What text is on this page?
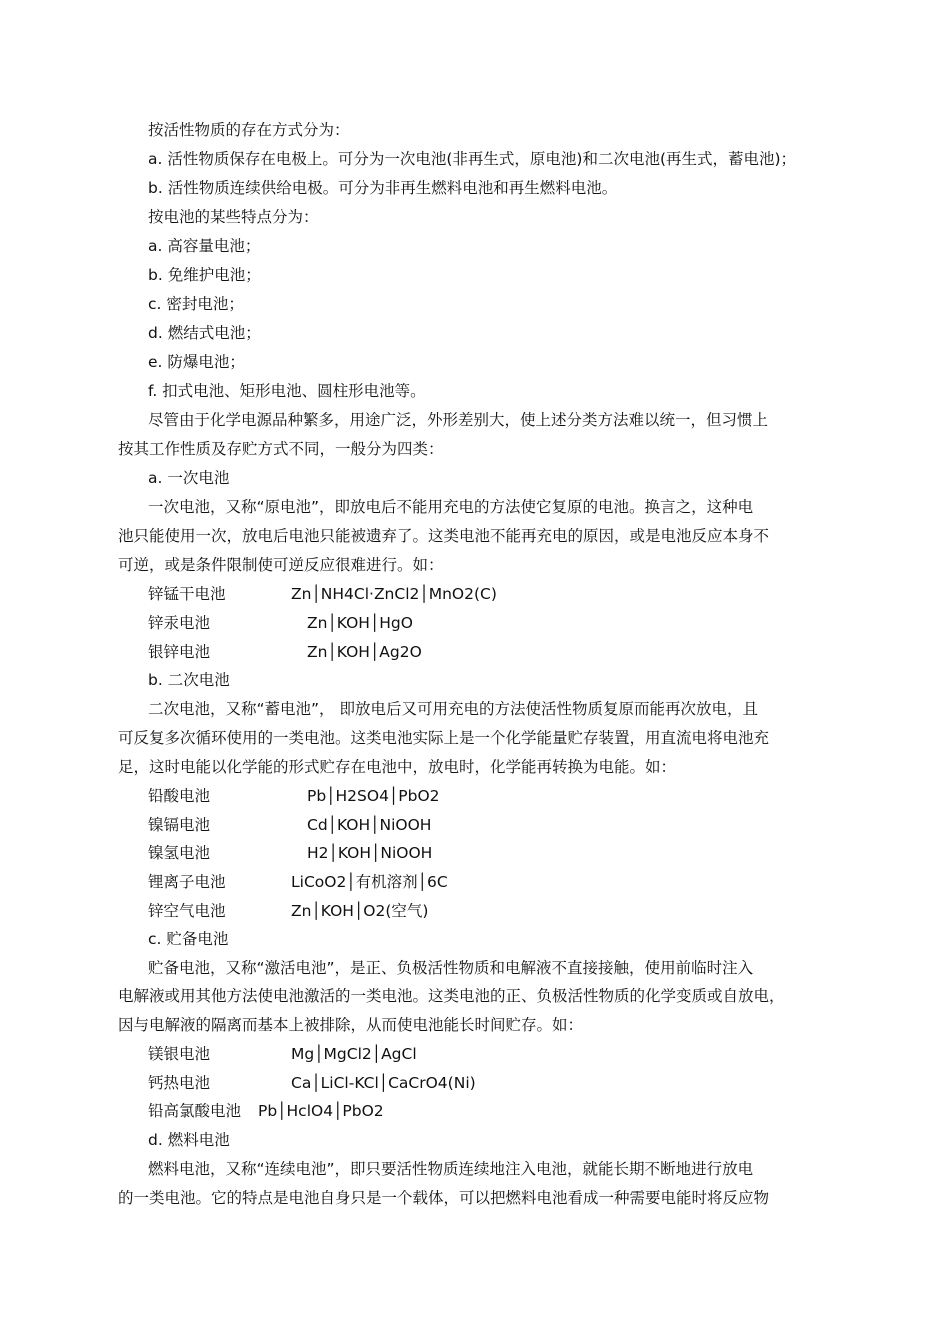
按活性物质的存在方式分为：
a. 活性物质保存在电极上。可分为一次电池(非再生式，原电池)和二次电池(再生式，蓄电池)；
b. 活性物质连续供给电极。可分为非再生燃料电池和再生燃料电池。
按电池的某些特点分为：
a. 高容量电池；
b. 免维护电池；
c. 密封电池；
d. 燃结式电池；
e. 防爆电池；
f. 扣式电池、矩形电池、圆柱形电池等。
尽管由于化学电源品种繁多，用途广泛，外形差别大，使上述分类方法难以统一，但习惯上
按其工作性质及存贮方式不同，一般分为四类：
a. 一次电池
一次电池，又称“原电池”，即放电后不能用充电的方法使它复原的电池。换言之，这种电
池只能使用一次，放电后电池只能被遗弃了。这类电池不能再充电的原因，或是电池反应本身不
可逆，或是条件限制使可逆反应很难进行。如：
锌锰干电池	Zn│NH4Cl·ZnCl2│MnO2(C)
锌汞电池	Zn│KOH│HgO
银锌电池	Zn│KOH│Ag2O
b. 二次电池
二次电池，又称“蓄电池”， 即放电后又可用充电的方法使活性物质复原而能再次放电，且
可反复多次循环使用的一类电池。这类电池实际上是一个化学能量贮存装置，用直流电将电池充
足，这时电能以化学能的形式贮存在电池中，放电时，化学能再转换为电能。如：
铅酸电池	Pb│H2SO4│PbO2
镍镉电池	Cd│KOH│NiOOH
镍氢电池	H2│KOH│NiOOH
锂离子电池	LiCoO2│有机溶剂│6C
锌空气电池	Zn│KOH│O2(空气)
c. 贮备电池
贮备电池，又称“激活电池”，是正、负极活性物质和电解液不直接接触，使用前临时注入
电解液或用其他方法使电池激活的一类电池。这类电池的正、负极活性物质的化学变质或自放电，
因与电解液的隔离而基本上被排除，从而使电池能长时间贮存。如：
镁银电池	Mg│MgCl2│AgCl
钙热电池	Ca│LiCl-KCl│CaCrO4(Ni)
铅高氯酸电池 Pb│HclO4│PbO2
d. 燃料电池
燃料电池，又称“连续电池”，即只要活性物质连续地注入电池，就能长期不断地进行放电
的一类电池。它的特点是电池自身只是一个载体，可以把燃料电池看成一种需要电能时将反应物
